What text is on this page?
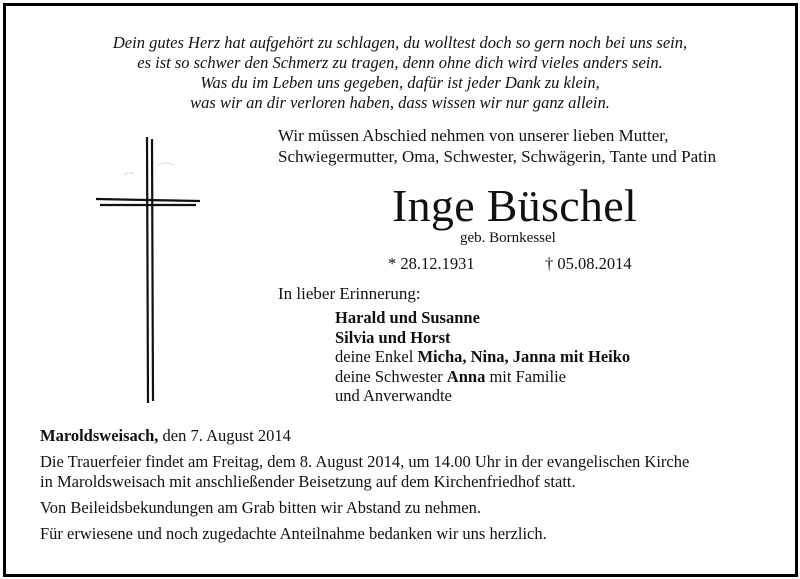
Dein gutes Herz hat aufgehört zu schlagen, du wolltest doch so gern noch bei uns sein,
es ist so schwer den Schmerz zu tragen, denn ohne dich wird vieles anders sein.
Was du im Leben uns gegeben, dafür ist jeder Dank zu klein,
was wir an dir verloren haben, dass wissen wir nur ganz allein.
Wir müssen Abschied nehmen von unserer lieben Mutter,
Schwiegermutter, Oma, Schwester, Schwägerin, Tante und Patin
Inge Büschel
geb. Bornkessel
* 28.12.1931	† 05.08.2014
In lieber Erinnerung:
Harald und Susanne
Silvia und Horst
deine Enkel Micha, Nina, Janna mit Heiko
deine Schwester Anna mit Familie
und Anverwandte
Maroldsweisach, den 7. August 2014
Die Trauerfeier findet am Freitag, dem 8. August 2014, um 14.00 Uhr in der evangelischen Kirche
in Maroldsweisach mit anschließender Beisetzung auf dem Kirchenfriedhof statt.
Von Beileidsbekundungen am Grab bitten wir Abstand zu nehmen.
Für erwiesene und noch zugedachte Anteilnahme bedanken wir uns herzlich.
